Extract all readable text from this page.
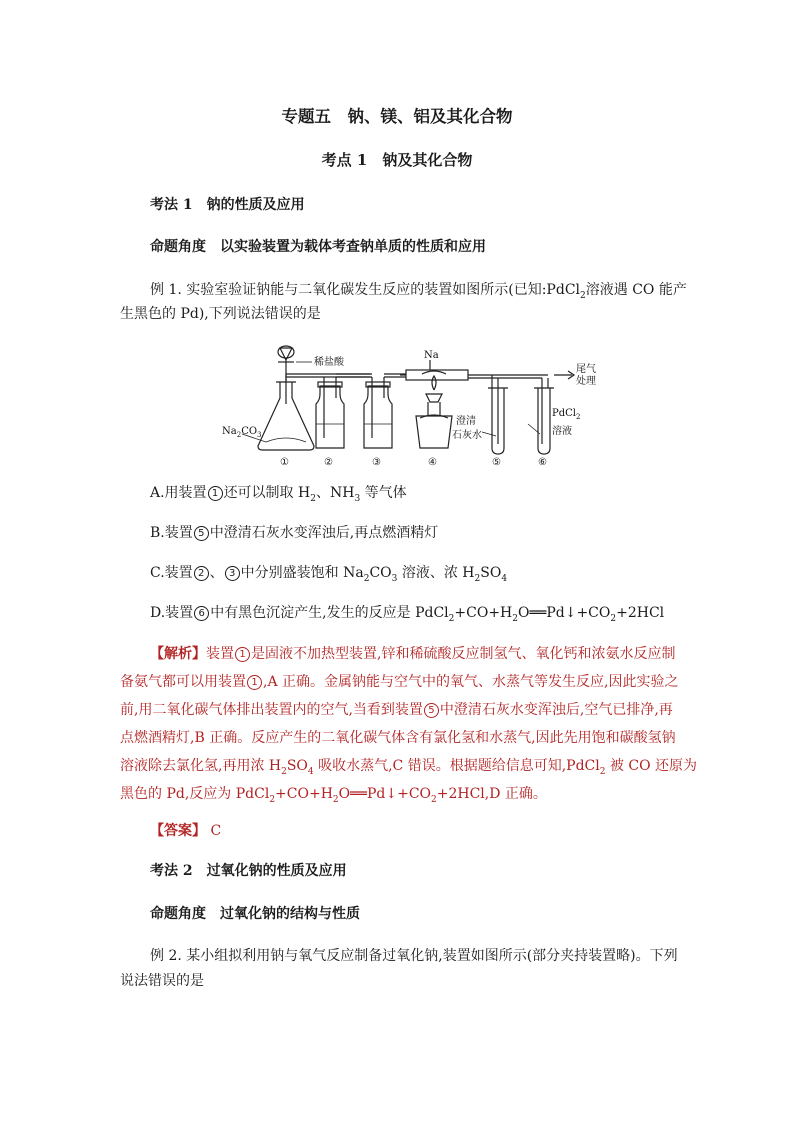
专题五　钠、镁、铝及其化合物
考点 1　钠及其化合物
考法 1　钠的性质及应用
命题角度　以实验装置为载体考查钠单质的性质和应用
例 1. 实验室验证钠能与二氧化碳发生反应的装置如图所示(已知:PdCl$_2$溶液遇 CO 能产
生黑色的 Pd),下列说法错误的是
稀盐酸
Na
尾气
处理
$Na_2CO_3$
澄清
石灰水
PdCl$_2$
溶液
①	②	③	④	⑤	⑥
A.用装置 1 还可以制取 $H_2$、$NH_3$ 等气体
B.装置 5 中澄清石灰水变浑浊后,再点燃酒精灯
C.装置 2 、 3 中分别盛装饱和 $Na_2CO_3$ 溶液、浓 $H_2SO_4$
D.装置 6 中有黑色沉淀产生,发生的反应是 $PdCl_2+CO+H_2O══Pd↓+CO_2+2HCl$
【解析】装置 1 是固液不加热型装置,锌和稀硫酸反应制氢气、氧化钙和浓氨水反应制
备氨气都可以用装置 1 ,A 正确。金属钠能与空气中的氧气、水蒸气等发生反应,因此实验之
前,用二氧化碳气体排出装置内的空气,当看到装置 5 中澄清石灰水变浑浊后,空气已排净,再
点燃酒精灯,B 正确。反应产生的二氧化碳气体含有氯化氢和水蒸气,因此先用饱和碳酸氢钠
溶液除去氯化氢,再用浓 $H_2SO_4$ 吸收水蒸气,C 错误。根据题给信息可知,PdCl$_2$ 被 CO 还原为
黑色的 Pd,反应为 $PdCl_2+CO+H_2O══Pd↓+CO_2+2HCl,D$ 正确。
【答案】 C
考法 2　过氧化钠的性质及应用
命题角度　过氧化钠的结构与性质
例 2. 某小组拟利用钠与氧气反应制备过氧化钠,装置如图所示(部分夹持装置略)。下列
说法错误的是
